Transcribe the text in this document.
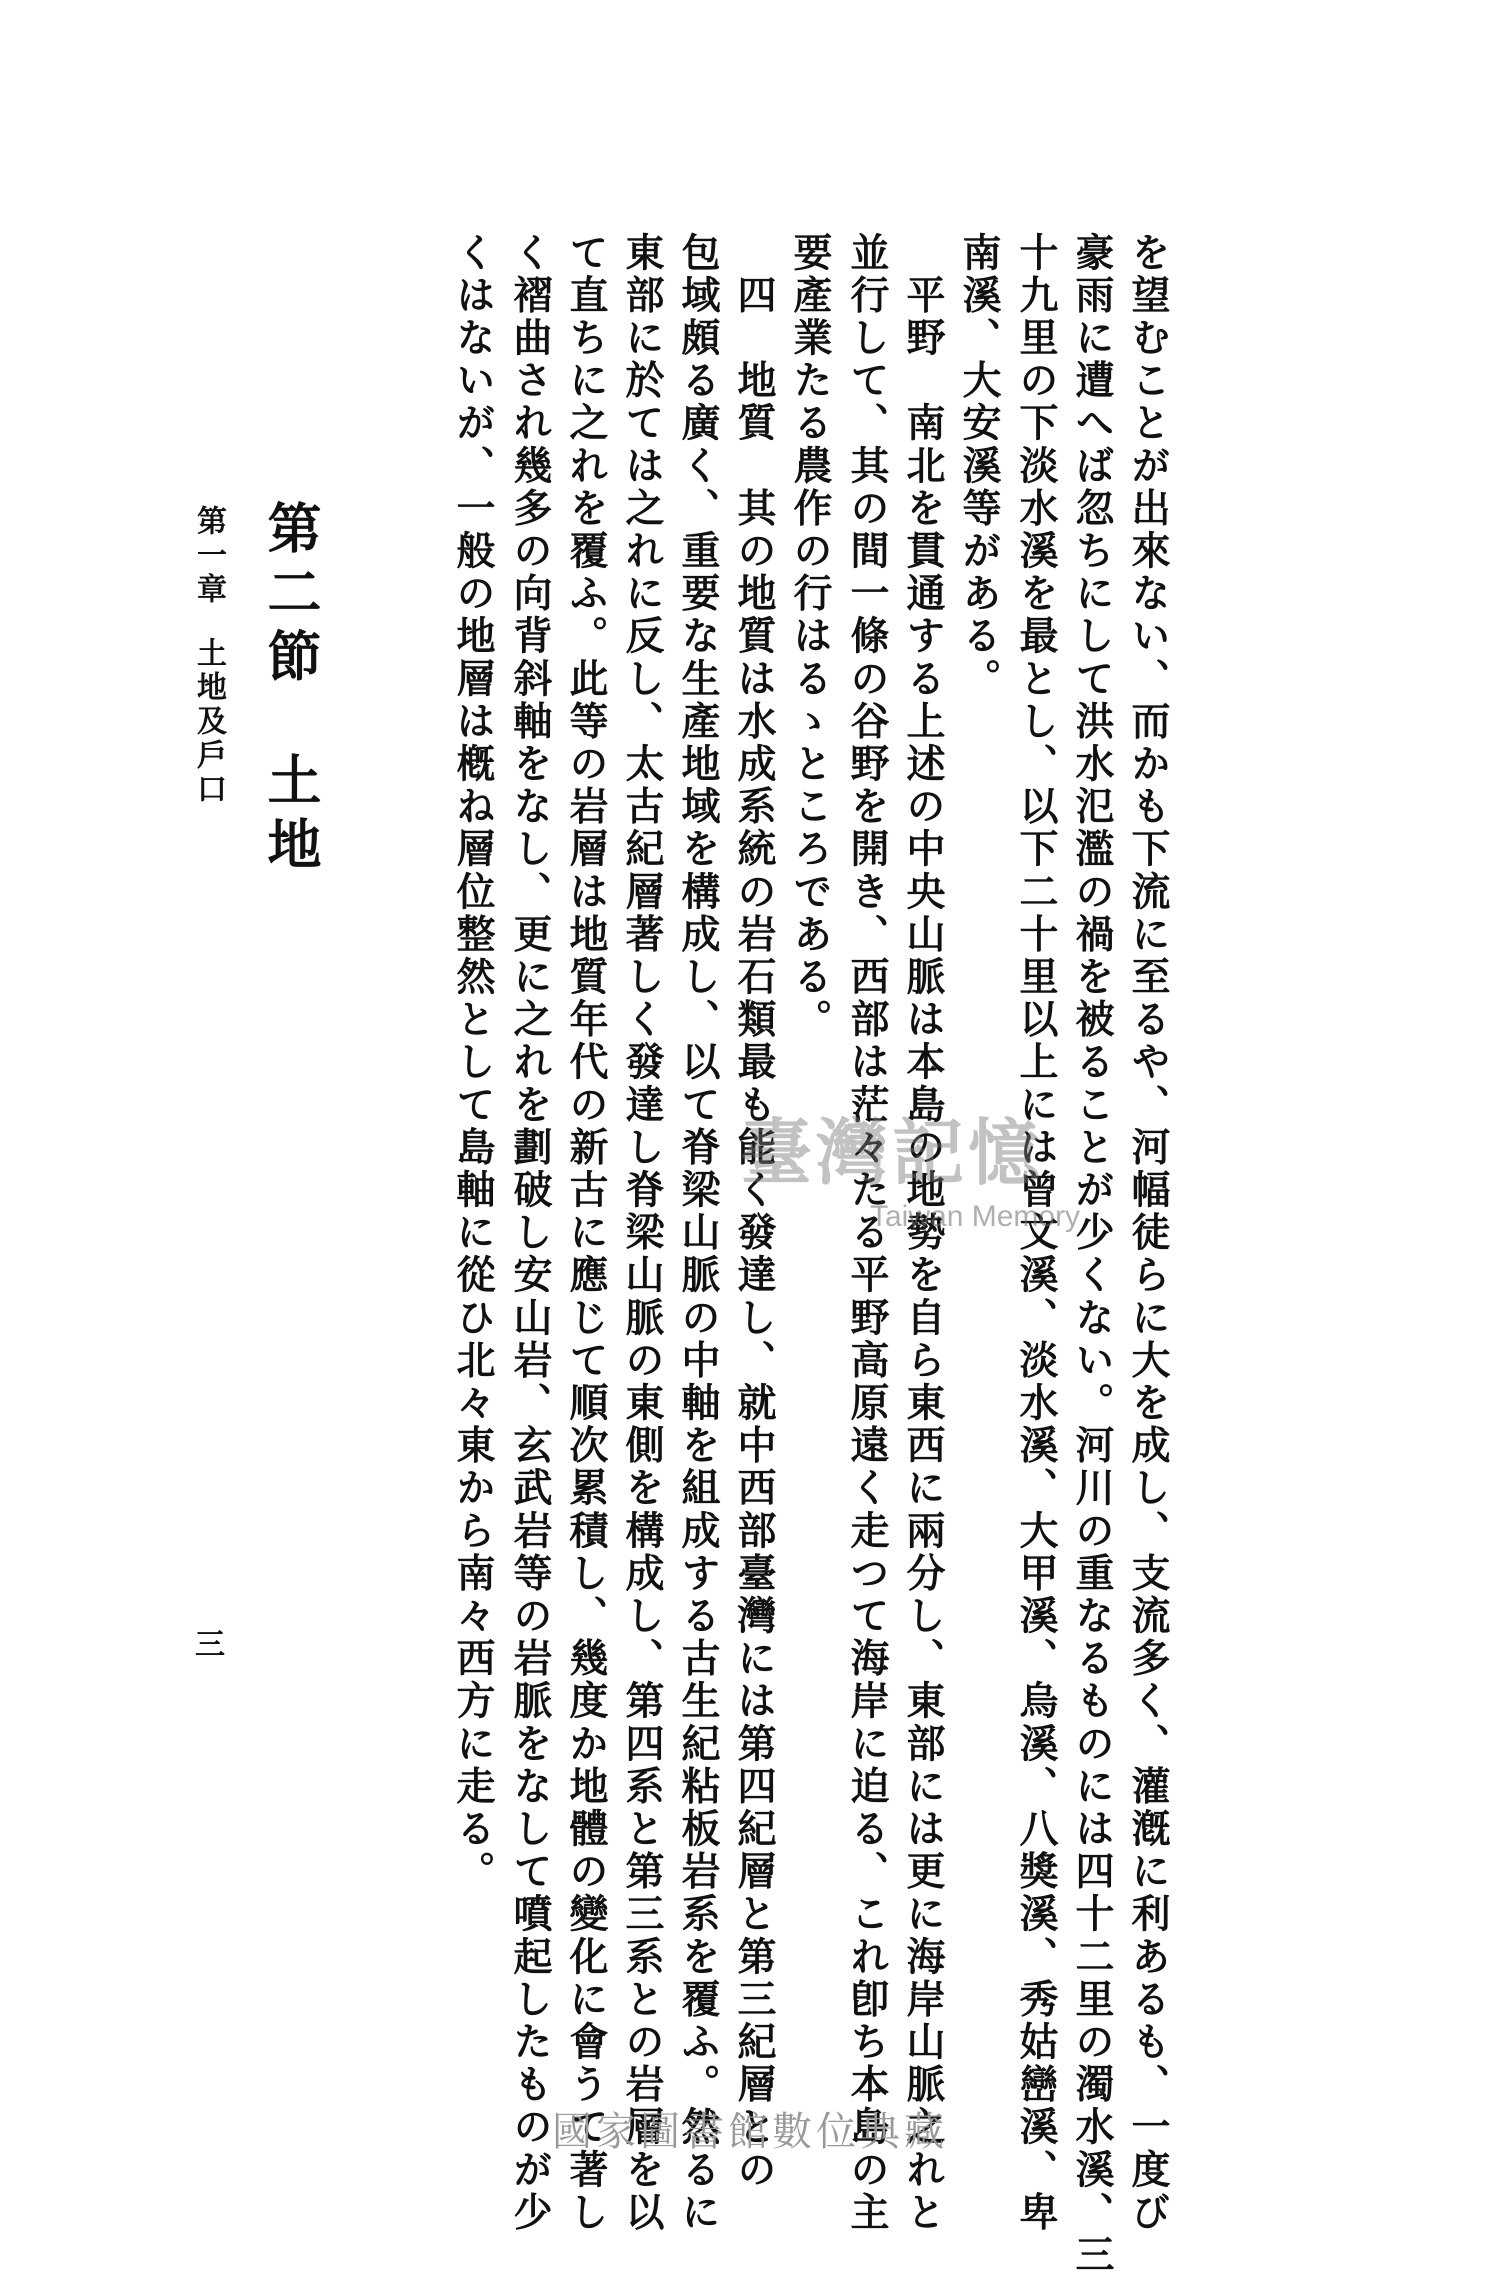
を望むことが出來ない、而かも下流に至るや、河幅徒らに大を成し、支流多く、灌漑に利あるも、一度び
豪雨に遭へば忽ちにして洪水氾濫の禍を被ることが少くない。河川の重なるものには四十二里の濁水溪、三
十九里の下淡水溪を最とし、以下二十里以上には曾文溪、淡水溪、大甲溪、烏溪、八獎溪、秀姑巒溪、卑
南溪、大安溪等がある。
　平野　南北を貫通する上述の中央山脈は本島の地勢を自ら東西に兩分し、東部には更に海岸山脈之れと
並行して、其の間一條の谷野を開き、西部は茫々たる平野高原遠く走つて海岸に迫る、これ卽ち本島の主
要產業たる農作の行はるゝところである。
　四　地質　其の地質は水成系統の岩石類最も能く發達し、就中西部臺灣には第四紀層と第三紀層との
包域頗る廣く、重要な生產地域を構成し、以て脊梁山脈の中軸を組成する古生紀粘板岩系を覆ふ。然るに
東部に於ては之れに反し、太古紀層著しく發達し脊梁山脈の東側を構成し、第四系と第三系との岩層を以
て直ちに之れを覆ふ。此等の岩層は地質年代の新古に應じて順次累積し、幾度か地體の變化に會うて著し
く褶曲され幾多の向背斜軸をなし、更に之れを劃破し安山岩、玄武岩等の岩脈をなして噴起したものが少
くはないが、一般の地層は槪ね層位整然として島軸に從ひ北々東から南々西方に走る。
第二節土地
第一章土地及戶口
三
臺灣記憶
Taiwan Memory
國家圖書館數位典藏
